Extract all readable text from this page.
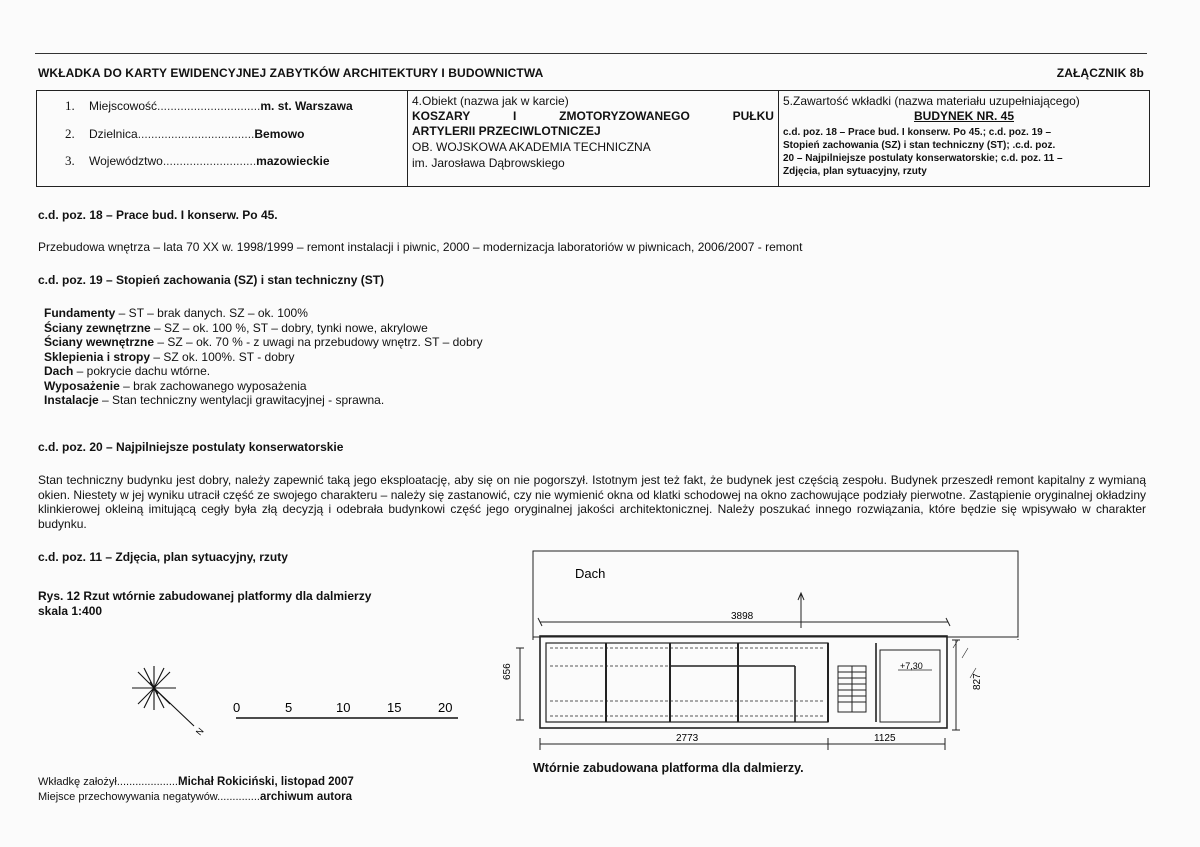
WKŁADKA DO KARTY EWIDENCYJNEJ ZABYTKÓW ARCHITEKTURY I BUDOWNICTWA	ZAŁĄCZNIK 8b
1. Miejscowość...............................m. st. Warszawa
2. Dzielnica...................................Bemowo
3. Województwo............................mazowieckie
4.Obiekt (nazwa jak w karcie)
KOSZARY	I	ZMOTORYZOWANEGO	PUŁKU
ARTYLERII PRZECIWLOTNICZEJ
OB. WOJSKOWA AKADEMIA TECHNICZNA
im. Jarosława Dąbrowskiego
5.Zawartość wkładki (nazwa materiału uzupełniającego)
BUDYNEK NR. 45
c.d. poz. 18 – Prace bud. I konserw. Po 45.; c.d. poz. 19 –
Stopień zachowania (SZ) i stan techniczny (ST); .c.d. poz.
20 – Najpilniejsze postulaty konserwatorskie; c.d. poz. 11 –
Zdjęcia, plan sytuacyjny, rzuty
c.d. poz. 18 – Prace bud. I konserw. Po 45.
Przebudowa wnętrza – lata 70 XX w. 1998/1999 – remont instalacji i piwnic, 2000 – modernizacja laboratoriów w piwnicach, 2006/2007 - remont
c.d. poz. 19 – Stopień zachowania (SZ) i stan techniczny (ST)
Fundamenty – ST – brak danych. SZ – ok. 100%
Ściany zewnętrzne – SZ – ok. 100 %, ST – dobry, tynki nowe, akrylowe
Ściany wewnętrzne – SZ – ok. 70 % - z uwagi na przebudowy wnętrz. ST – dobry
Sklepienia i stropy – SZ ok. 100%. ST - dobry
Dach – pokrycie dachu wtórne.
Wyposażenie – brak zachowanego wyposażenia
Instalacje – Stan techniczny wentylacji grawitacyjnej - sprawna.
c.d. poz. 20 – Najpilniejsze postulaty konserwatorskie
Stan techniczny budynku jest dobry, należy zapewnić taką jego eksploatację, aby się on nie pogorszył. Istotnym jest też fakt, że budynek jest częścią zespołu. Budynek przeszedł remont kapitalny z wymianą okien. Niestety w jej wyniku utracił część ze swojego charakteru – należy się zastanowić, czy nie wymienić okna od klatki schodowej na okno zachowujące podziały pierwotne. Zastąpienie oryginalnej okładziny klinkierowej okleiną imitującą cegły była złą decyzją i odebrała budynkowi część jego oryginalnej jakości architektonicznej. Należy poszukać innego rozwiązania, które będzie się wpisywało w charakter budynku.
c.d. poz. 11 – Zdjęcia, plan sytuacyjny, rzuty
Rys. 12 Rzut wtórnie zabudowanej platformy dla dalmierzy
skala 1:400
N
0	5	10	15	20
Dach
3898
656
827
2773	1125
+7,30
Wtórnie zabudowana platforma dla dalmierzy.
Wkładkę założył....................Michał Rokiciński, listopad 2007
Miejsce przechowywania negatywów..............archiwum autora
